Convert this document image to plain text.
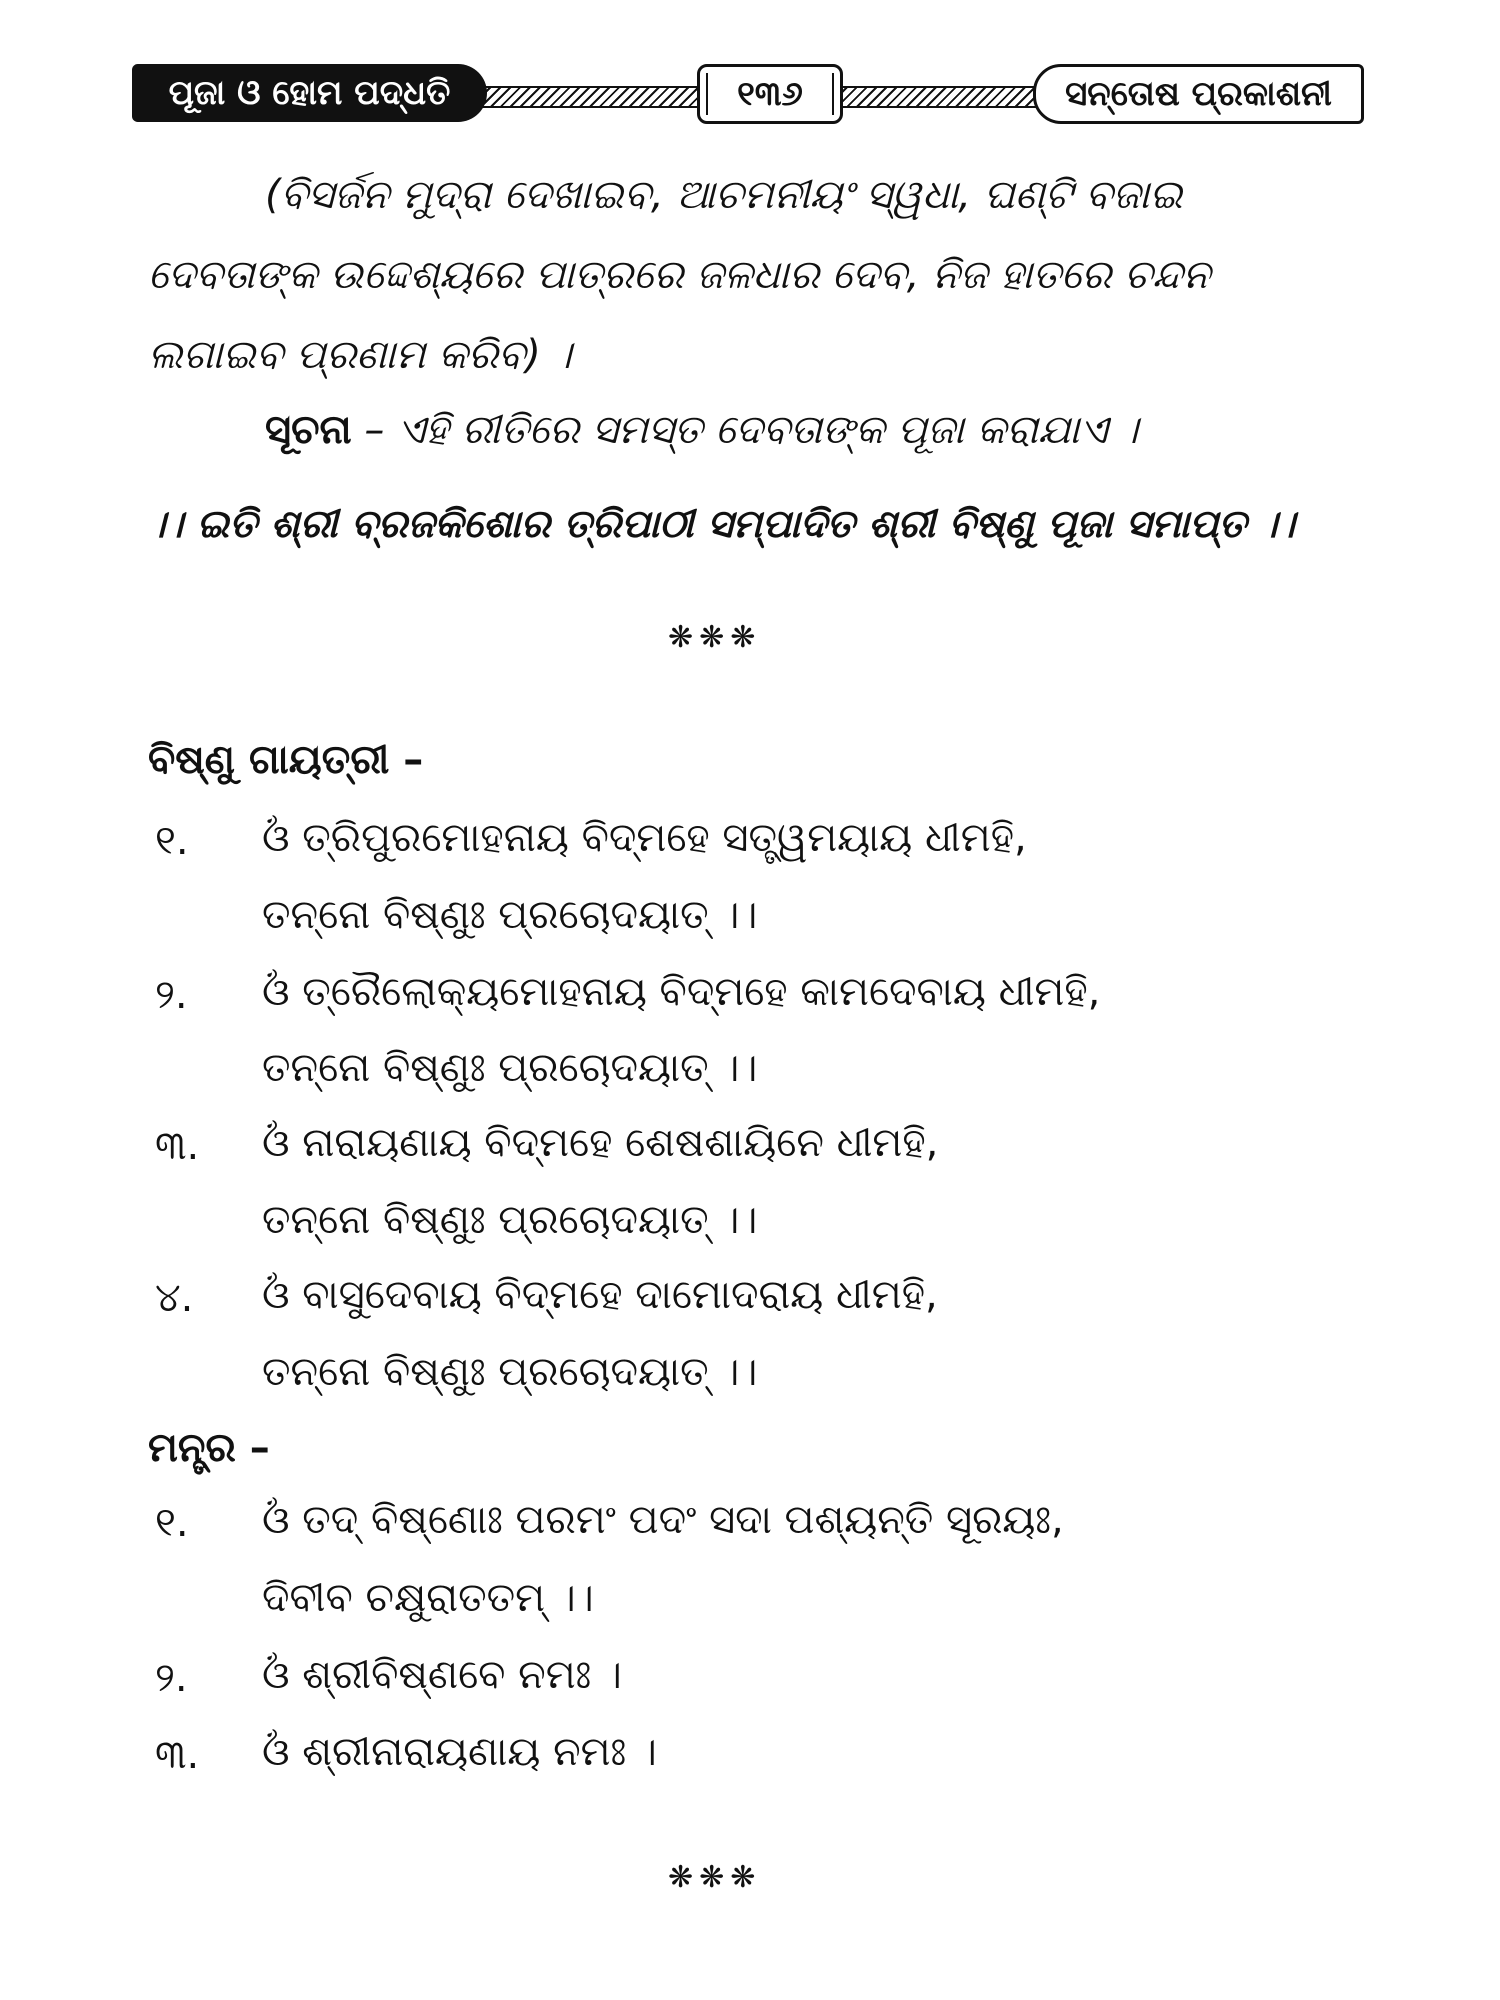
ପୂଜା ଓ ହୋମ ପଦ୍ଧତି	୧୩୬	ସନ୍ତୋଷ ପ୍ରକାଶନୀ
(ବିସର୍ଜନ ମୁଦ୍ରା ଦେଖାଇବ, ଆଚମନୀୟଂ ସ୍ୱଧା, ଘଣ୍ଟି ବଜାଇ
ଦେବତାଙ୍କ ଉଦ୍ଦେଶ୍ୟରେ ପାତ୍ରରେ ଜଳଧାର ଦେବ, ନିଜ ହାତରେ ଚନ୍ଦନ
ଲଗାଇବ ପ୍ରଣାମ କରିବ) ।
ସୂଚନା – ଏହି ରୀତିରେ ସମସ୍ତ ଦେବତାଙ୍କ ପୂଜା କରାଯାଏ ।
।। ଇତି ଶ୍ରୀ ବ୍ରଜକିଶୋର ତ୍ରିପାଠୀ ସମ୍ପାଦିତ ଶ୍ରୀ ବିଷ୍ଣୁ ପୂଜା ସମାପ୍ତ ।।
❋❋❋
ବିଷ୍ଣୁ ଗାୟତ୍ରୀ –
୧. ଓଁ ତ୍ରିପୁରମୋହନାୟ ବିଦ୍ମହେ ସତ୍ତ୍ୱମୟାୟ ଧୀମହି,
ତନ୍ନୋ ବିଷ୍ଣୁଃ ପ୍ରଚୋଦୟାତ୍ ।।
୨. ଓଁ ତ୍ରୈଲୋକ୍ୟମୋହନାୟ ବିଦ୍ମହେ କାମଦେବାୟ ଧୀମହି,
ତନ୍ନୋ ବିଷ୍ଣୁଃ ପ୍ରଚୋଦୟାତ୍ ।।
୩. ଓଁ ନାରାୟଣାୟ ବିଦ୍ମହେ ଶେଷଶାୟିନେ ଧୀମହି,
ତନ୍ନୋ ବିଷ୍ଣୁଃ ପ୍ରଚୋଦୟାତ୍ ।।
୪. ଓଁ ବାସୁଦେବାୟ ବିଦ୍ମହେ ଦାମୋଦରାୟ ଧୀମହି,
ତନ୍ନୋ ବିଷ୍ଣୁଃ ପ୍ରଚୋଦୟାତ୍ ।।
ମନ୍ତ୍ର –
୧. ଓଁ ତଦ୍ ବିଷ୍ଣୋଃ ପରମଂ ପଦଂ ସଦା ପଶ୍ୟନ୍ତି ସୂରୟଃ,
ଦିବୀବ ଚକ୍ଷୁରାତତମ୍ ।।
୨. ଓଁ ଶ୍ରୀବିଷ୍ଣବେ ନମଃ ।
୩. ଓଁ ଶ୍ରୀନାରାୟଣାୟ ନମଃ ।
❋❋❋
